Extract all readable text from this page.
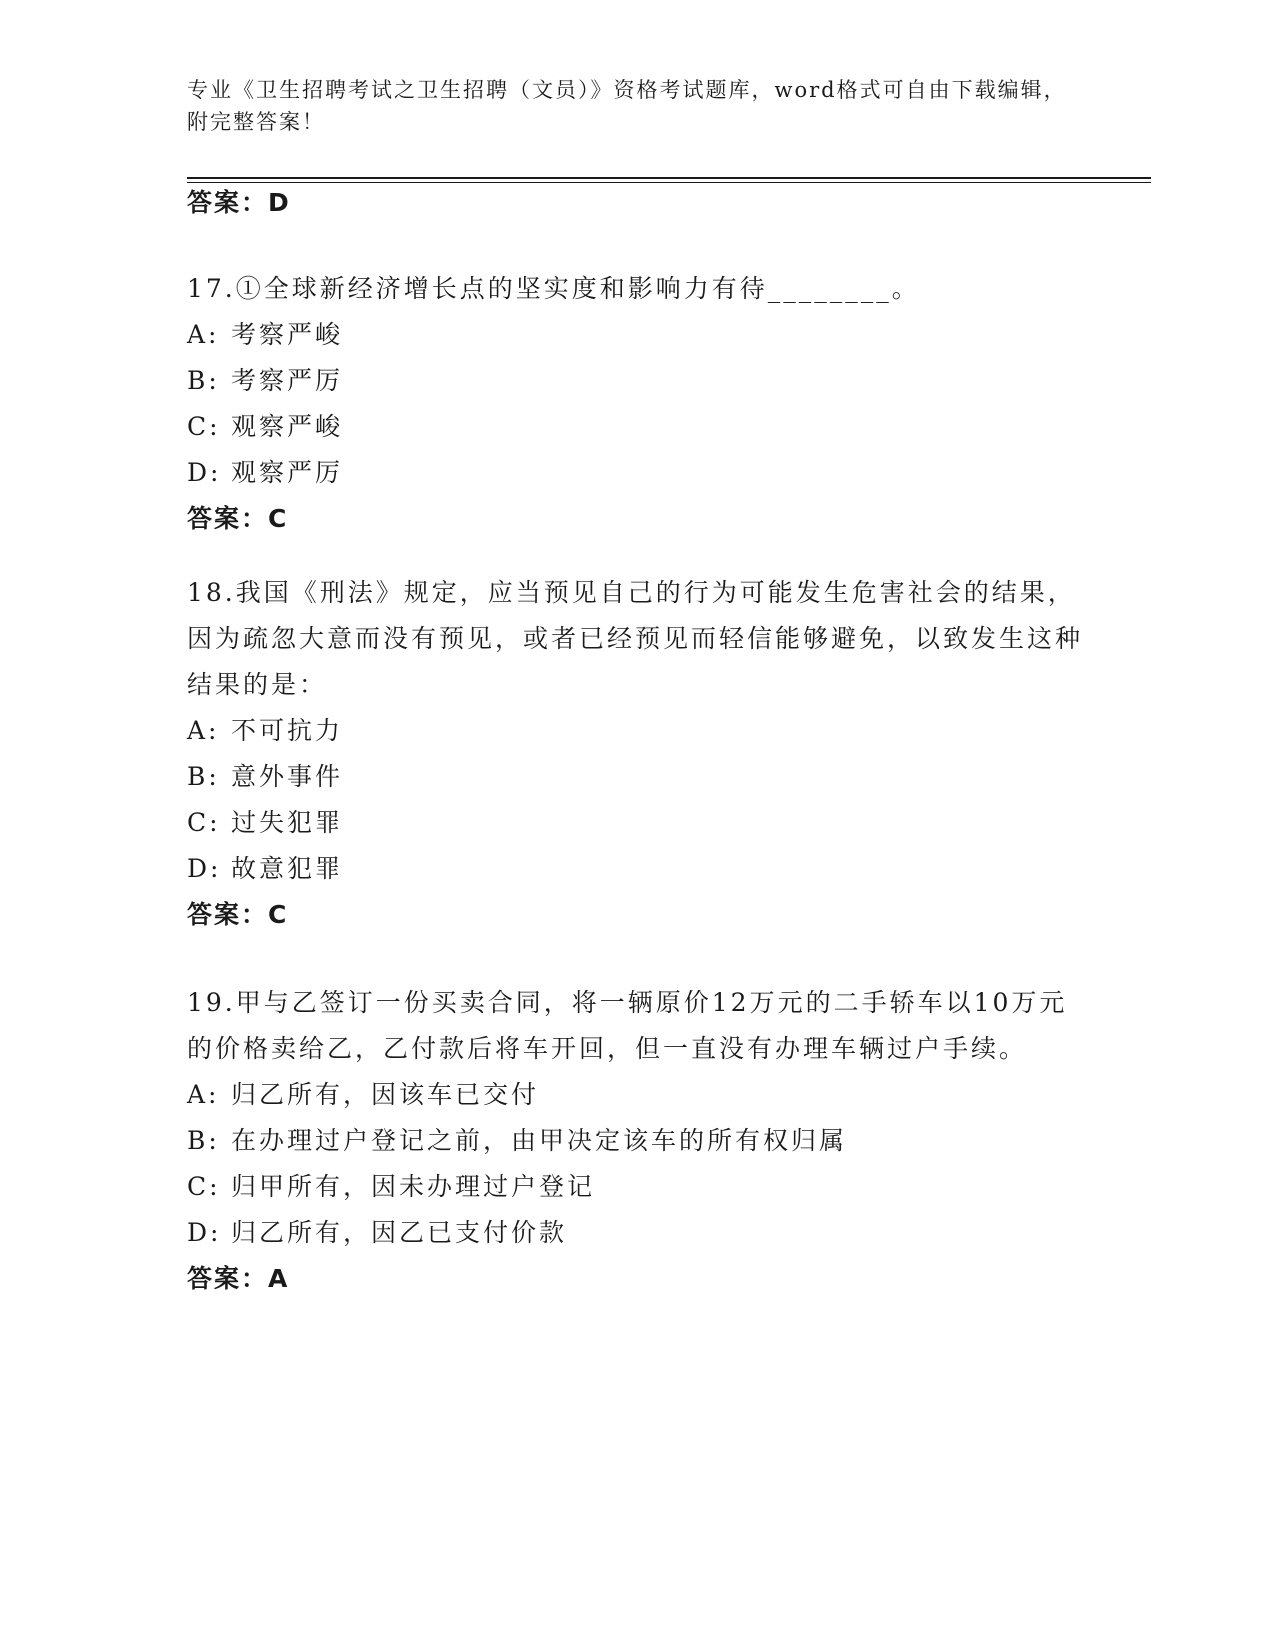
专业《卫生招聘考试之卫生招聘（文员）》资格考试题库，word格式可自由下载编辑，附完整答案！
答案：D
17.①全球新经济增长点的坚实度和影响力有待________。
A: 考察严峻
B: 考察严厉
C: 观察严峻
D: 观察严厉
答案：C
18.我国《刑法》规定，应当预见自己的行为可能发生危害社会的结果，因为疏忽大意而没有预见，或者已经预见而轻信能够避免，以致发生这种结果的是：
A: 不可抗力
B: 意外事件
C: 过失犯罪
D: 故意犯罪
答案：C
19.甲与乙签订一份买卖合同，将一辆原价12万元的二手轿车以10万元的价格卖给乙，乙付款后将车开回，但一直没有办理车辆过户手续。
A: 归乙所有，因该车已交付
B: 在办理过户登记之前，由甲决定该车的所有权归属
C: 归甲所有，因未办理过户登记
D: 归乙所有，因乙已支付价款
答案：A
